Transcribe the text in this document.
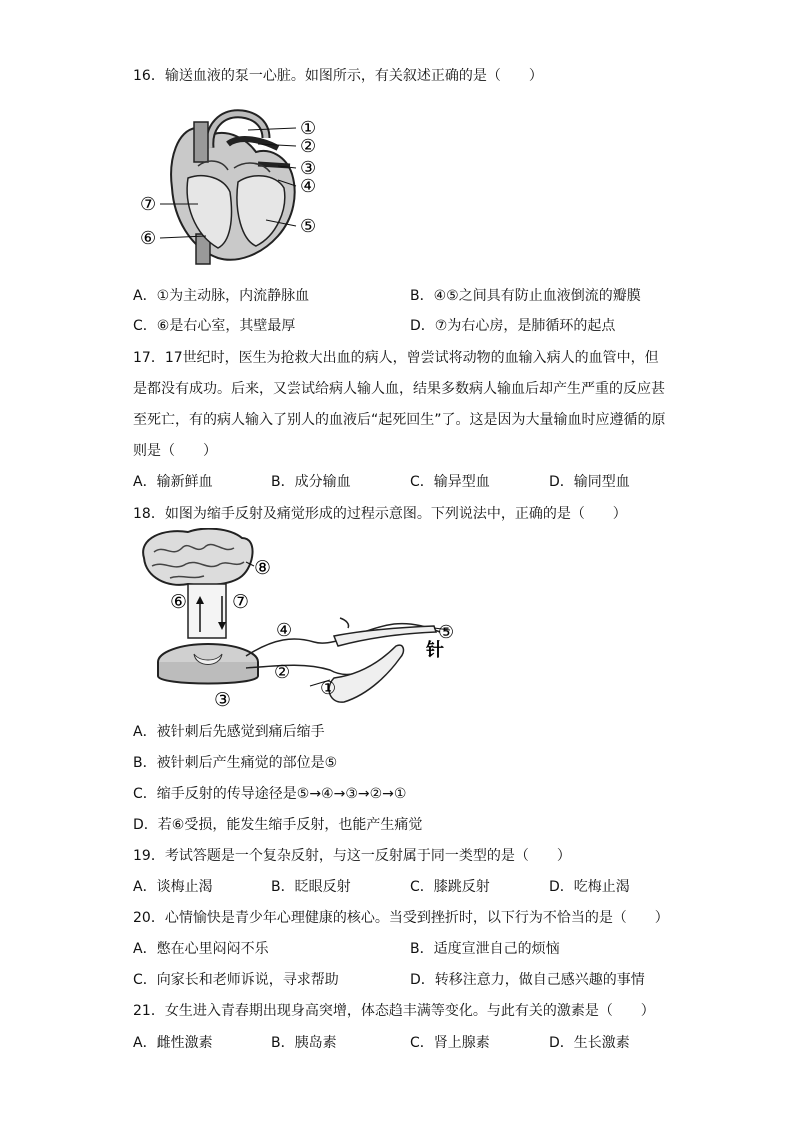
16．输送血液的泵一心脏。如图所示，有关叙述正确的是（　　）
①
②
③
④
⑤
⑥
⑦
A．①为主动脉，内流静脉血	B．④⑤之间具有防止血液倒流的瓣膜
C．⑥是右心室，其壁最厚	D．⑦为右心房，是肺循环的起点
17．17世纪时，医生为抢救大出血的病人，曾尝试将动物的血输入病人的血管中，但
是都没有成功。后来，又尝试给病人输人血，结果多数病人输血后却产生严重的反应甚
至死亡，有的病人输入了别人的血液后“起死回生”了。这是因为大量输血时应遵循的原
则是（　　）
A．输新鲜血	B．成分输血	C．输异型血	D．输同型血
18．如图为缩手反射及痛觉形成的过程示意图。下列说法中，正确的是（　　）
⑧
⑥ ⑦
③
④
②
①
⑤
针
A．被针刺后先感觉到痛后缩手
B．被针刺后产生痛觉的部位是⑤
C．缩手反射的传导途径是⑤→④→③→②→①
D．若⑥受损，能发生缩手反射，也能产生痛觉
19．考试答题是一个复杂反射，与这一反射属于同一类型的是（　　）
A．谈梅止渴	B．眨眼反射	C．膝跳反射	D．吃梅止渴
20．心情愉快是青少年心理健康的核心。当受到挫折时，以下行为不恰当的是（　　）
A．憋在心里闷闷不乐	B．适度宣泄自己的烦恼
C．向家长和老师诉说，寻求帮助	D．转移注意力，做自己感兴趣的事情
21．女生进入青春期出现身高突增，体态趋丰满等变化。与此有关的激素是（　　）
A．雌性激素	B．胰岛素	C．肾上腺素	D．生长激素
